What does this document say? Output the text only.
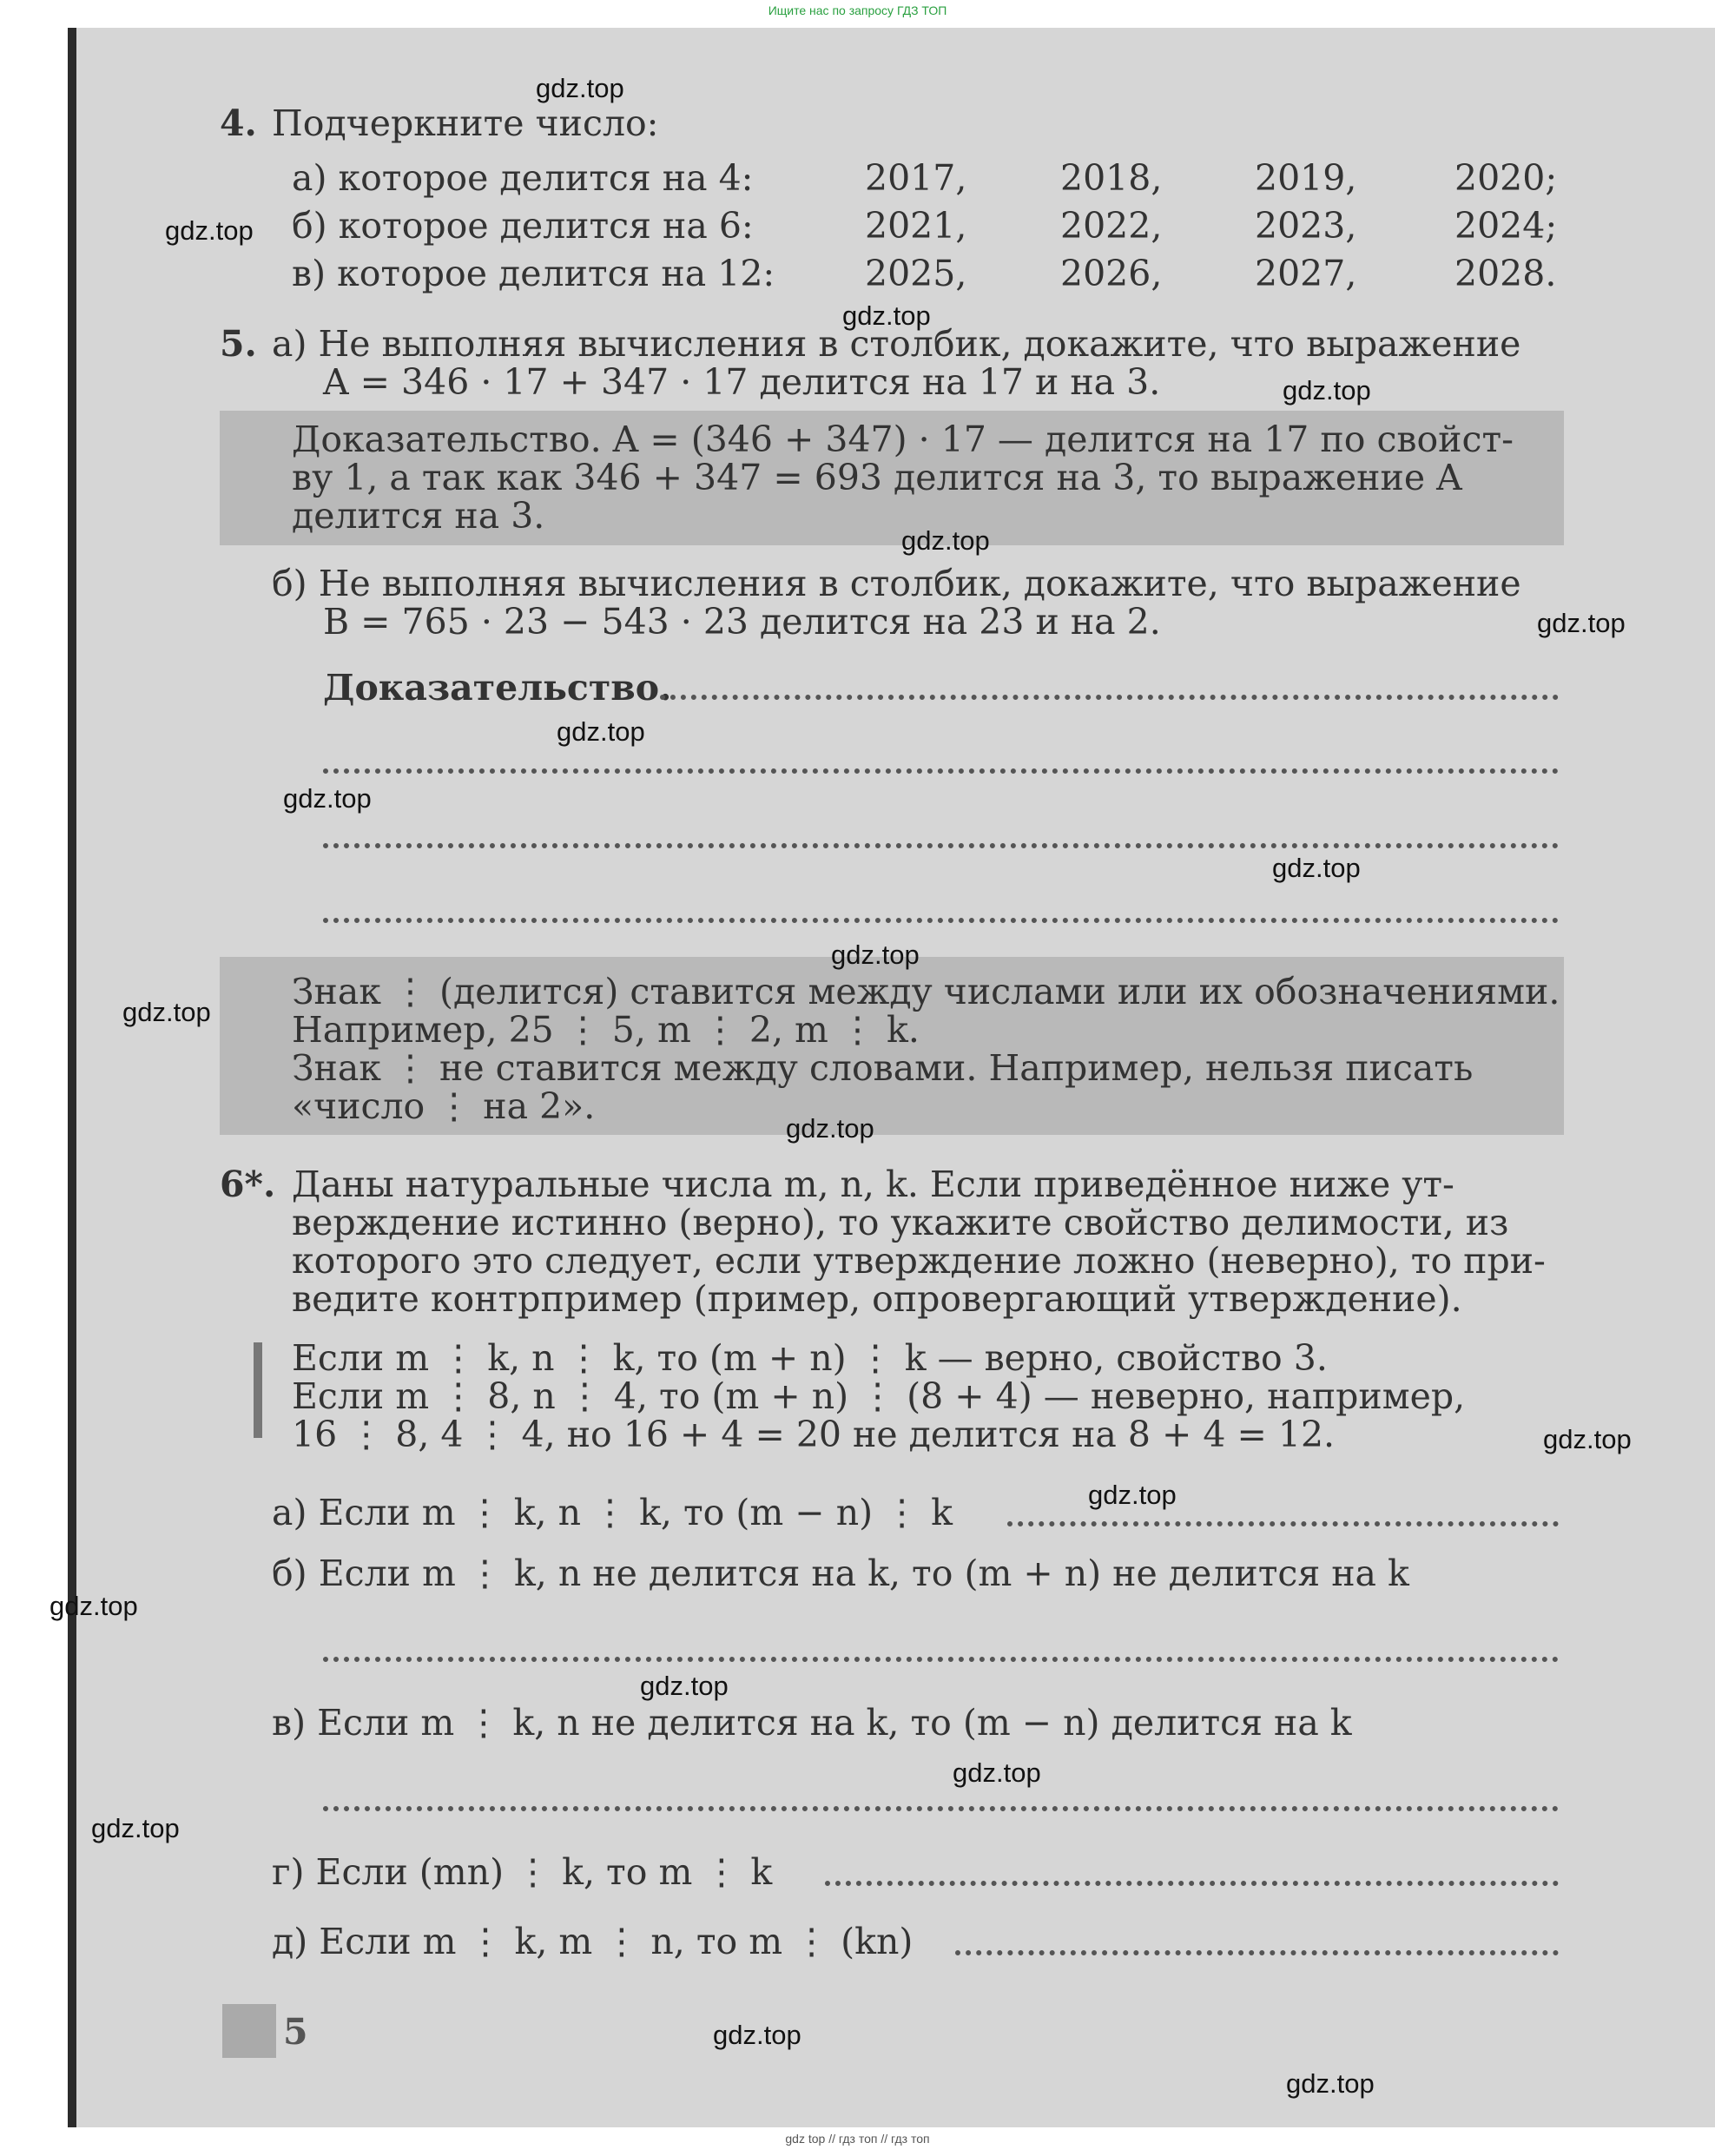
Ищите нас по запросу ГДЗ ТОП
4. Подчеркните число:
а) которое делится на 4:	2017,	2018,	2019,	2020;
б) которое делится на 6:	2021,	2022,	2023,	2024;
в) которое делится на 12:	2025,	2026,	2027,	2028.
5. а) Не выполняя вычисления в столбик, докажите, что выражение
A = 346 · 17 + 347 · 17 делится на 17 и на 3.
Доказательство. A = (346 + 347) · 17 — делится на 17 по свойст-
ву 1, а так как 346 + 347 = 693 делится на 3, то выражение A
делится на 3.
б) Не выполняя вычисления в столбик, докажите, что выражение
B = 765 · 23 − 543 · 23 делится на 23 и на 2.
Доказательство.
Знак ⋮ (делится) ставится между числами или их обозначениями.
Например, 25 ⋮ 5, m ⋮ 2, m ⋮ k.
Знак ⋮ не ставится между словами. Например, нельзя писать
«число ⋮ на 2».
6*. Даны натуральные числа m, n, k. Если приведённое ниже ут-
верждение истинно (верно), то укажите свойство делимости, из
которого это следует, если утверждение ложно (неверно), то при-
ведите контрпример (пример, опровергающий утверждение).
Если m ⋮ k, n ⋮ k, то (m + n) ⋮ k — верно, свойство 3.
Если m ⋮ 8, n ⋮ 4, то (m + n) ⋮ (8 + 4) — неверно, например,
16 ⋮ 8, 4 ⋮ 4, но 16 + 4 = 20 не делится на 8 + 4 = 12.
а) Если m ⋮ k, n ⋮ k, то (m − n) ⋮ k
б) Если m ⋮ k, n не делится на k, то (m + n) не делится на k
в) Если m ⋮ k, n не делится на k, то (m − n) делится на k
г) Если (mn) ⋮ k, то m ⋮ k
д) Если m ⋮ k, m ⋮ n, то m ⋮ (kn)
5
gdz.top
gdz.top
gdz.top
gdz.top
gdz.top
gdz.top
gdz.top
gdz.top
gdz.top
gdz.top
gdz.top
gdz.top
gdz.top
gdz.top
gdz.top
gdz.top
gdz.top
gdz.top
gdz.top
gdz.top
gdz top // гдз топ // гдз топ
